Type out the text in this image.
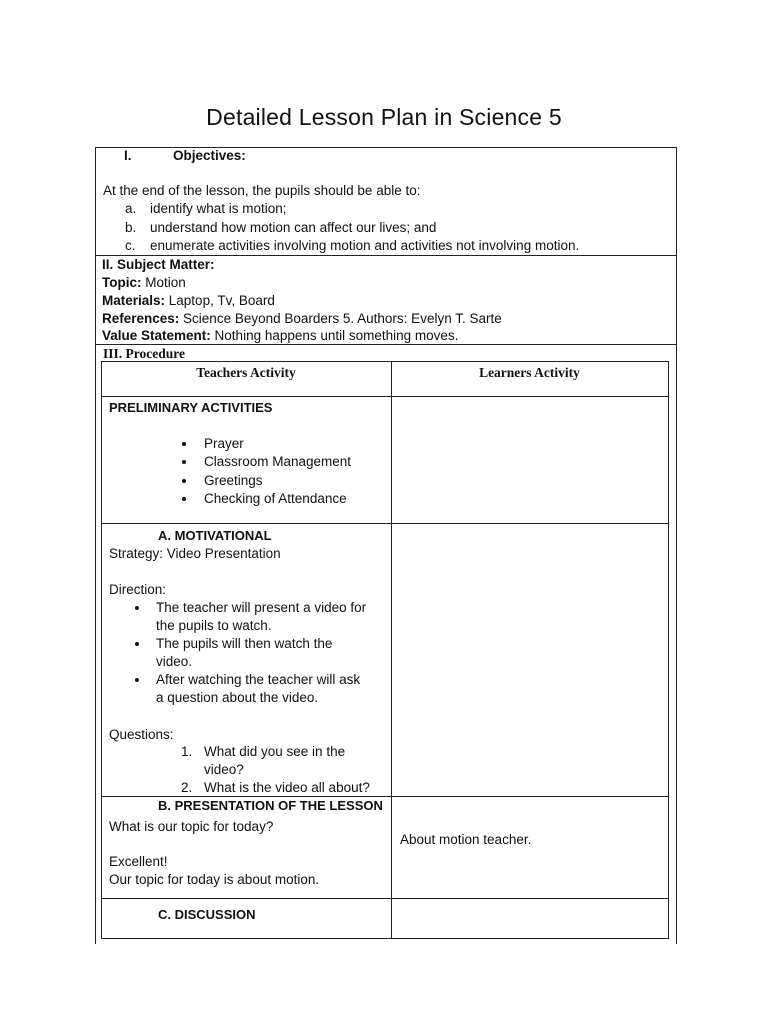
Detailed Lesson Plan in Science 5
I.	Objectives:
At the end of the lesson, the pupils should be able to:
a. identify what is motion;
b. understand how motion can affect our lives; and
c. enumerate activities involving motion and activities not involving motion.
II. Subject Matter:
Topic: Motion
Materials: Laptop, Tv, Board
References: Science Beyond Boarders 5. Authors: Evelyn T. Sarte
Value Statement: Nothing happens until something moves.
III. Procedure
Teachers Activity	Learners Activity
PRELIMINARY ACTIVITIES
Prayer
Classroom Management
Greetings
Checking of Attendance
A. MOTIVATIONAL
Strategy: Video Presentation
Direction:
The teacher will present a video for
the pupils to watch.
The pupils will then watch the
video.
After watching the teacher will ask
a question about the video.
Questions:
1. What did you see in the
video?
2. What is the video all about?
B. PRESENTATION OF THE LESSON
What is our topic for today?
Excellent!
Our topic for today is about motion.
About motion teacher.
C. DISCUSSION
